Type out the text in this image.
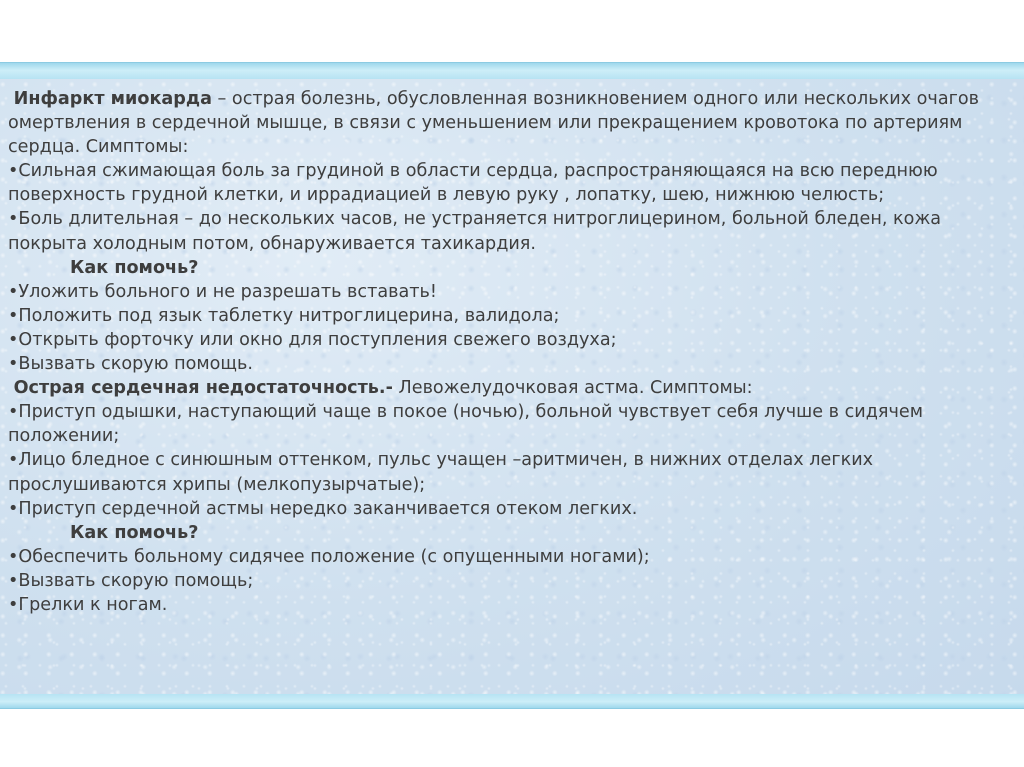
Инфаркт миокарда – острая болезнь, обусловленная возникновением одного или нескольких очагов

омертвления в сердечной мышце, в связи с уменьшением или прекращением кровотока по артериям

сердца. Симптомы:

•Сильная сжимающая боль за грудиной в области сердца, распространяющаяся на всю переднюю

поверхность грудной клетки, и иррадиацией в левую руку , лопатку, шею, нижнюю челюсть;

•Боль длительная – до нескольких часов, не устраняется нитроглицерином, больной бледен, кожа

покрыта холодным потом, обнаруживается тахикардия.

Как помочь?

•Уложить больного и не разрешать вставать!

•Положить под язык таблетку нитроглицерина, валидола;

•Открыть форточку или окно для поступления свежего воздуха;

•Вызвать скорую помощь.

Острая сердечная недостаточность.- Левожелудочковая астма. Симптомы:

•Приступ одышки, наступающий чаще в покое (ночью), больной чувствует себя лучше в сидячем

положении;

•Лицо бледное с синюшным оттенком, пульс учащен –аритмичен, в нижних отделах легких

прослушиваются хрипы (мелкопузырчатые);

•Приступ сердечной астмы нередко заканчивается отеком легких.

Как помочь?

•Обеспечить больному сидячее положение (с опущенными ногами);

•Вызвать скорую помощь;

•Грелки к ногам.
